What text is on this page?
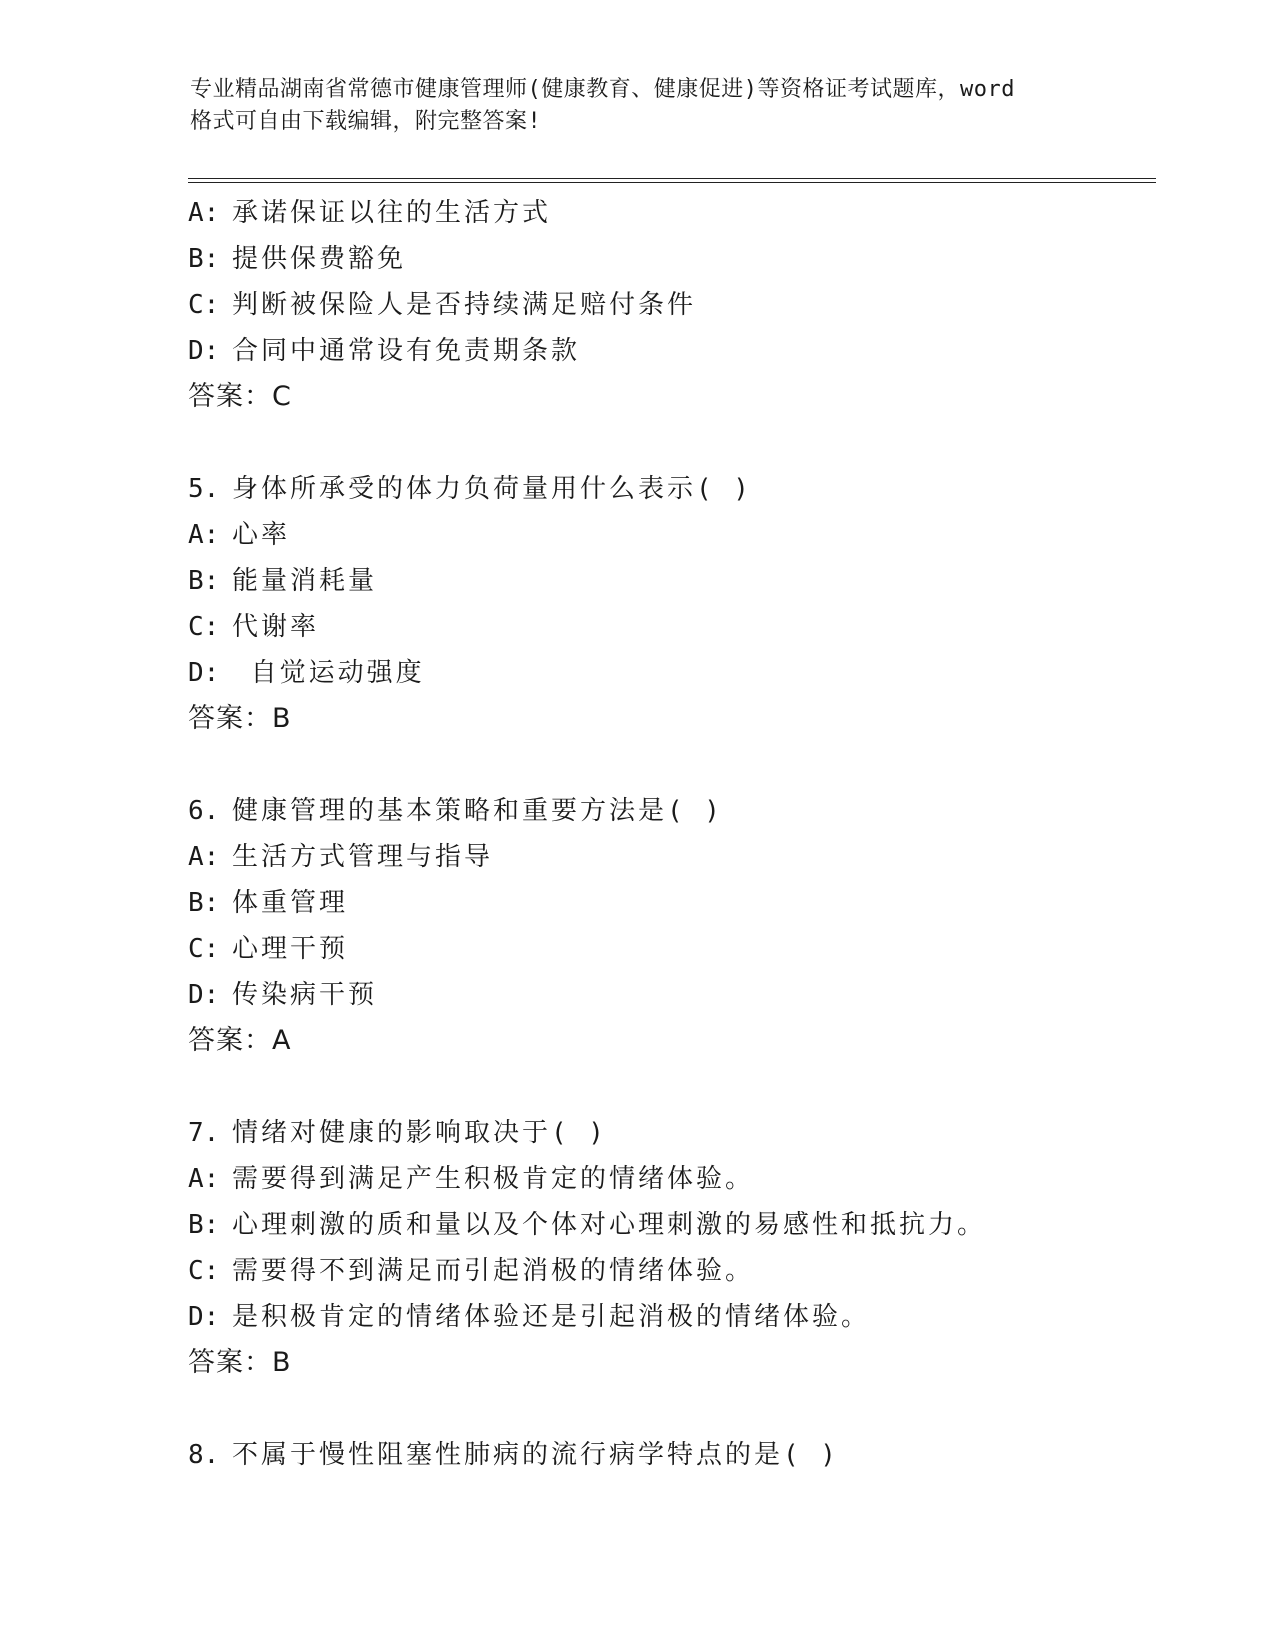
专业精品湖南省常德市健康管理师(健康教育、健康促进)等资格证考试题库，word
格式可自由下载编辑，附完整答案!
A: 承诺保证以往的生活方式
B: 提供保费豁免
C: 判断被保险人是否持续满足赔付条件
D: 合同中通常设有免责期条款
答案：C
5. 身体所承受的体力负荷量用什么表示( )
A: 心率
B: 能量消耗量
C: 代谢率
D: 自觉运动强度
答案：B
6. 健康管理的基本策略和重要方法是( )
A: 生活方式管理与指导
B: 体重管理
C: 心理干预
D: 传染病干预
答案：A
7. 情绪对健康的影响取决于( )
A: 需要得到满足产生积极肯定的情绪体验。
B: 心理刺激的质和量以及个体对心理刺激的易感性和抵抗力。
C: 需要得不到满足而引起消极的情绪体验。
D: 是积极肯定的情绪体验还是引起消极的情绪体验。
答案：B
8. 不属于慢性阻塞性肺病的流行病学特点的是( )
